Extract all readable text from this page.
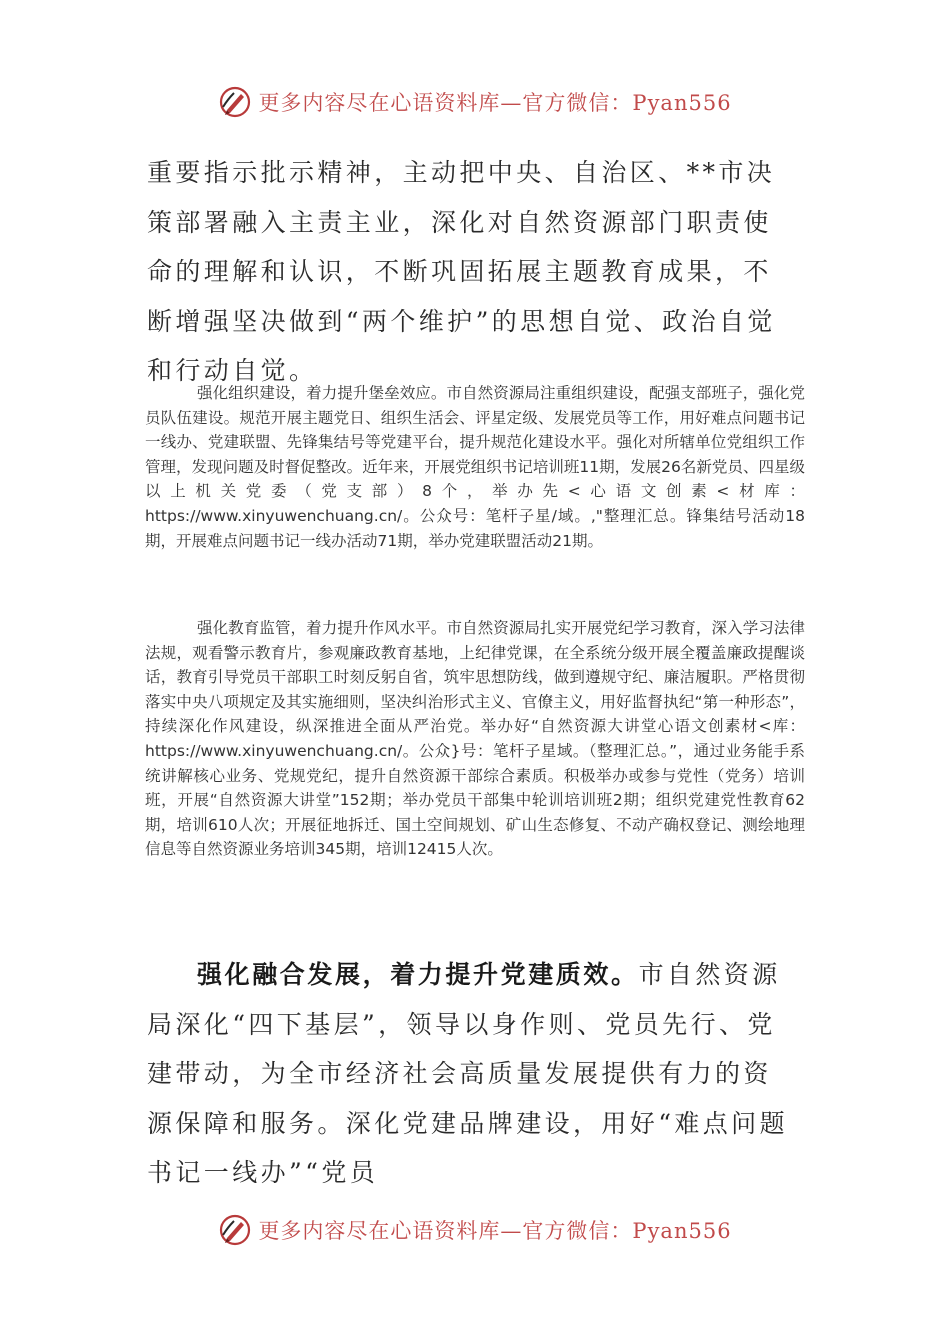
更多内容尽在心语资料库—官方微信：Pyan556

重要指示批示精神，主动把中央、自治区、**市决策部署融入主责主业，深化对自然资源部门职责使命的理解和认识，不断巩固拓展主题教育成果，不断增强坚决做到“两个维护”的思想自觉、政治自觉和行动自觉。

强化组织建设，着力提升堡垒效应。市自然资源局注重组织建设，配强支部班子，强化党员队伍建设。规范开展主题党日、组织生活会、评星定级、发展党员等工作，用好难点问题书记一线办、党建联盟、先锋集结号等党建平台，提升规范化建设水平。强化对所辖单位党组织工作管理，发现问题及时督促整改。近年来，开展党组织书记培训班11期，发展26名新党员、四星级以上机关党委（党支部）8个，举办先<心语文创素<材库：https://www.xinyuwenchuang.cn/。公众号：笔杆子星/域。,"整理汇总。锋集结号活动18期，开展难点问题书记一线办活动71期，举办党建联盟活动21期。

强化教育监管，着力提升作风水平。市自然资源局扎实开展党纪学习教育，深入学习法律法规，观看警示教育片，参观廉政教育基地，上纪律党课，在全系统分级开展全覆盖廉政提醒谈话，教育引导党员干部职工时刻反躬自省，筑牢思想防线，做到遵规守纪、廉洁履职。严格贯彻落实中央八项规定及其实施细则，坚决纠治形式主义、官僚主义，用好监督执纪“第一种形态”，持续深化作风建设，纵深推进全面从严治党。举办好“自然资源大讲堂心语文创素材<库：https://www.xinyuwenchuang.cn/。公众}号：笔杆子星域。（整理汇总。”，通过业务能手系统讲解核心业务、党规党纪，提升自然资源干部综合素质。积极举办或参与党性（党务）培训班，开展“自然资源大讲堂”152期；举办党员干部集中轮训培训班2期；组织党建党性教育62期，培训610人次；开展征地拆迁、国土空间规划、矿山生态修复、不动产确权登记、测绘地理信息等自然资源业务培训345期，培训12415人次。

强化融合发展，着力提升党建质效。市自然资源局深化“四下基层”，领导以身作则、党员先行、党建带动，为全市经济社会高质量发展提供有力的资源保障和服务。深化党建品牌建设，用好“难点问题书记一线办”“党员

更多内容尽在心语资料库—官方微信：Pyan556
